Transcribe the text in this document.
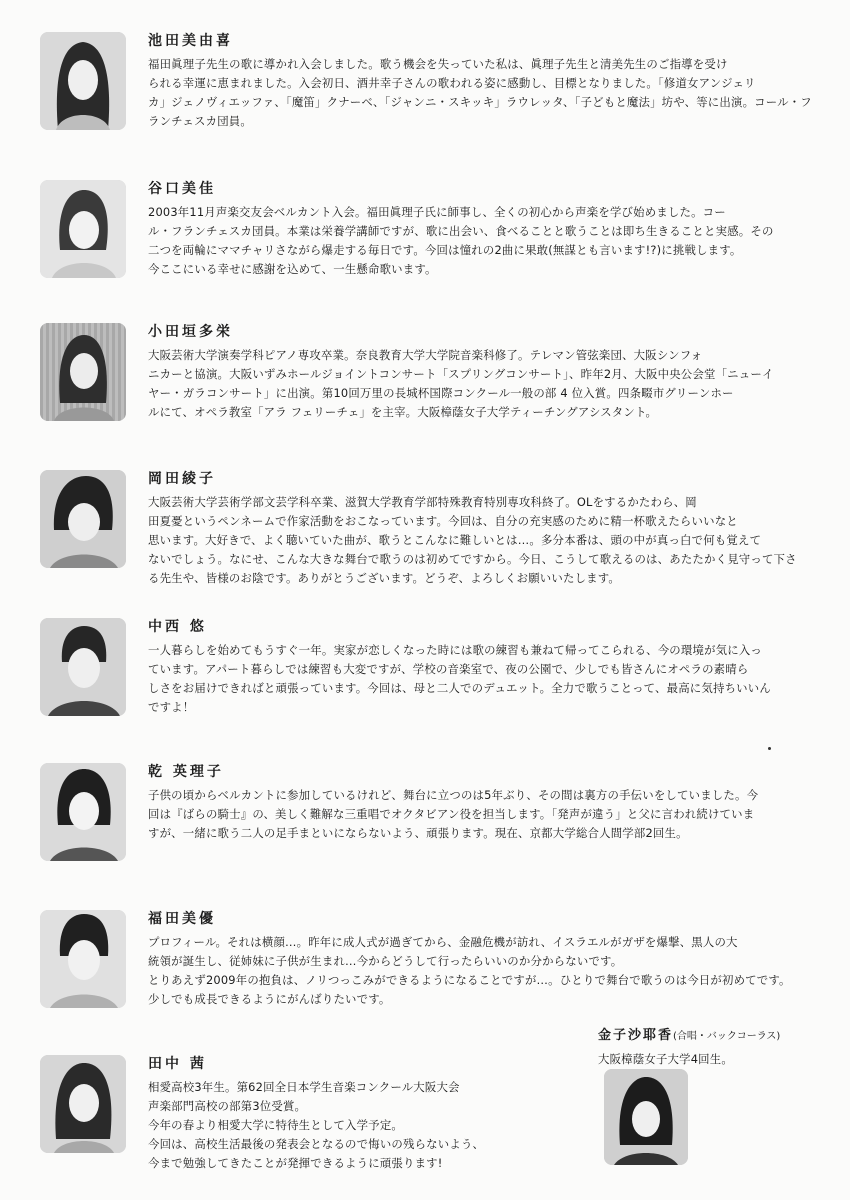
池田美由喜

福田眞理子先生の歌に導かれ入会しました。歌う機会を失っていた私は、眞理子先生と清美先生のご指導を受け

られる幸運に恵まれました。入会初日、酒井幸子さんの歌われる姿に感動し、目標となりました。「修道女アンジェリ

カ」ジェノヴィエッファ、「魔笛」クナーベ、「ジャンニ・スキッキ」ラウレッタ、「子どもと魔法」坊や、等に出演。コール・フ

ランチェスカ団員。

谷口美佳

2003年11月声楽交友会ベルカント入会。福田眞理子氏に師事し、全くの初心から声楽を学び始めました。コー

ル・フランチェスカ団員。本業は栄養学講師ですが、歌に出会い、食べることと歌うことは即ち生きることと実感。その

二つを両輪にママチャリさながら爆走する毎日です。今回は憧れの2曲に果敢(無謀とも言います!?)に挑戦します。

今ここにいる幸せに感謝を込めて、一生懸命歌います。

小田垣多栄

大阪芸術大学演奏学科ピアノ専攻卒業。奈良教育大学大学院音楽科修了。テレマン管弦楽団、大阪シンフォ

ニカーと協演。大阪いずみホールジョイントコンサート「スプリングコンサート」、昨年2月、大阪中央公会堂「ニューイ

ヤー・ガラコンサート」に出演。第10回万里の長城杯国際コンクール一般の部 4 位入賞。四条畷市グリーンホー

ルにて、オペラ教室「アラ フェリーチェ」を主宰。大阪樟蔭女子大学ティーチングアシスタント。

岡田綾子

大阪芸術大学芸術学部文芸学科卒業、滋賀大学教育学部特殊教育特別専攻科終了。OLをするかたわら、岡

田夏憂というペンネームで作家活動をおこなっています。今回は、自分の充実感のために精一杯歌えたらいいなと

思います。大好きで、よく聴いていた曲が、歌うとこんなに難しいとは…。多分本番は、頭の中が真っ白で何も覚えて

ないでしょう。なにせ、こんな大きな舞台で歌うのは初めてですから。今日、こうして歌えるのは、あたたかく見守って下さ

る先生や、皆様のお陰です。ありがとうございます。どうぞ、よろしくお願いいたします。

中西 悠

一人暮らしを始めてもうすぐ一年。実家が恋しくなった時には歌の練習も兼ねて帰ってこられる、今の環境が気に入っ

ています。アパート暮らしでは練習も大変ですが、学校の音楽室で、夜の公園で、少しでも皆さんにオペラの素晴ら

しさをお届けできればと頑張っています。今回は、母と二人でのデュエット。全力で歌うことって、最高に気持ちいいん

ですよ！

乾 英理子

子供の頃からベルカントに参加しているけれど、舞台に立つのは5年ぶり、その間は裏方の手伝いをしていました。今

回は『ばらの騎士』の、美しく難解な三重唱でオクタビアン役を担当します。「発声が違う」と父に言われ続けていま

すが、一緒に歌う二人の足手まといにならないよう、頑張ります。現在、京都大学総合人間学部2回生。

福田美優

プロフィール。それは横顔…。昨年に成人式が過ぎてから、金融危機が訪れ、イスラエルがガザを爆撃、黒人の大

統領が誕生し、従姉妹に子供が生まれ…今からどうして行ったらいいのか分からないです。

とりあえず2009年の抱負は、ノリつっこみができるようになることですが…。ひとりで舞台で歌うのは今日が初めてです。

少しでも成長できるようにがんばりたいです。

田中 茜

相愛高校3年生。第62回全日本学生音楽コンクール大阪大会

声楽部門高校の部第3位受賞。

今年の春より相愛大学に特待生として入学予定。

今回は、高校生活最後の発表会となるので悔いの残らないよう、

今まで勉強してきたことが発揮できるように頑張ります!

金子沙耶香(合唱・バックコーラス)

大阪樟蔭女子大学4回生。
